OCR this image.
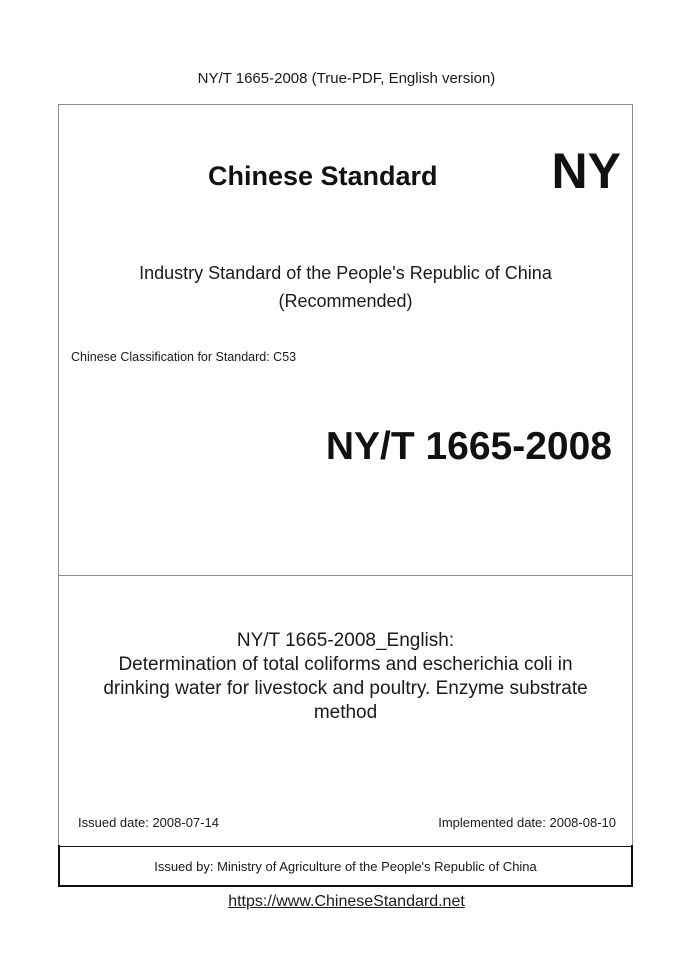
NY/T 1665-2008 (True-PDF, English version)
Chinese Standard NY
Industry Standard of the People's Republic of China
(Recommended)
Chinese Classification for Standard: C53
NY/T 1665-2008
NY/T 1665-2008_English:
Determination of total coliforms and escherichia coli in
drinking water for livestock and poultry. Enzyme substrate
method
Issued date: 2008-07-14	Implemented date: 2008-08-10
Issued by: Ministry of Agriculture of the People's Republic of China
https://www.ChineseStandard.net
